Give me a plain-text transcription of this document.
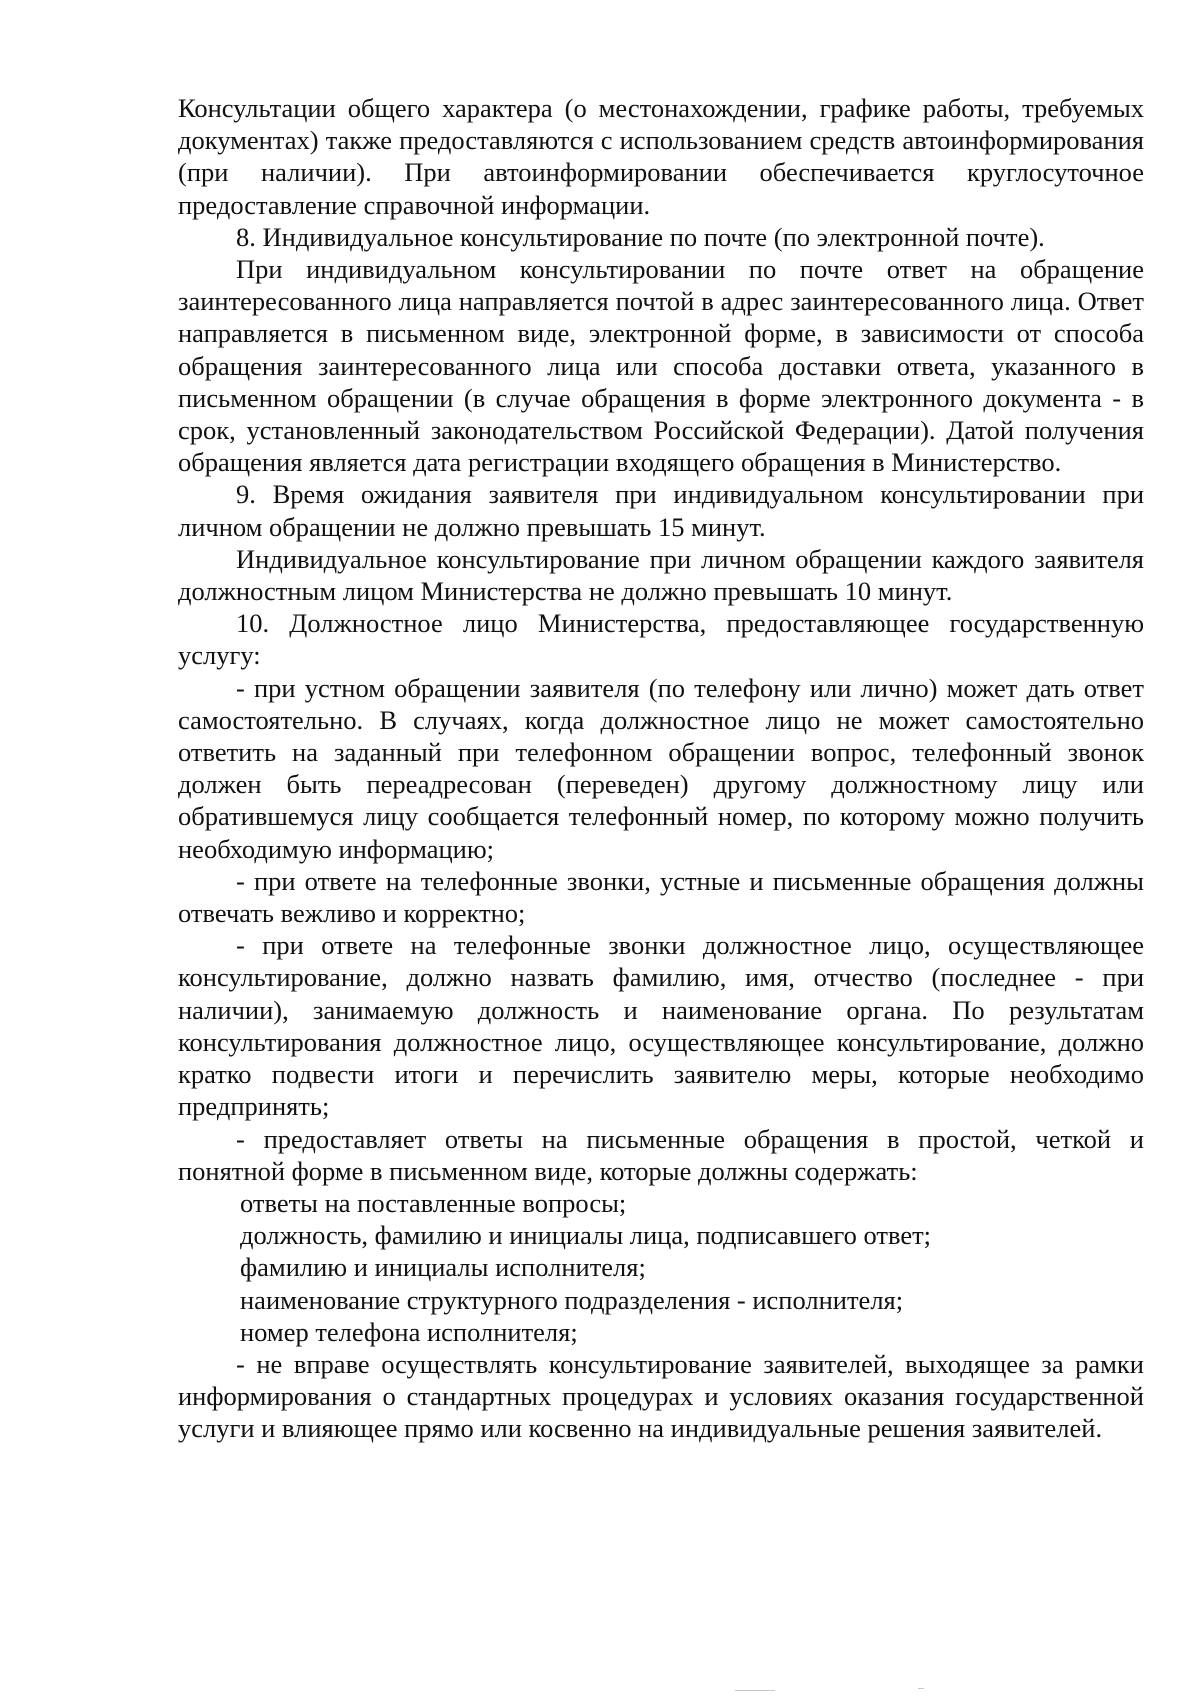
Консультации общего характера (о местонахождении, графике работы, требуемых документах) также предоставляются с использованием средств автоинформирования (при наличии). При автоинформировании обеспечивается круглосуточное предоставление справочной информации.

8. Индивидуальное консультирование по почте (по электронной почте).

При индивидуальном консультировании по почте ответ на обращение заинтересованного лица направляется почтой в адрес заинтересованного лица. Ответ направляется в письменном виде, электронной форме, в зависимости от способа обращения заинтересованного лица или способа доставки ответа, указанного в письменном обращении (в случае обращения в форме электронного документа - в срок, установленный законодательством Российской Федерации). Датой получения обращения является дата регистрации входящего обращения в Министерство.

9. Время ожидания заявителя при индивидуальном консультировании при личном обращении не должно превышать 15 минут.

Индивидуальное консультирование при личном обращении каждого заявителя должностным лицом Министерства не должно превышать 10 минут.

10. Должностное лицо Министерства, предоставляющее государственную услугу:

- при устном обращении заявителя (по телефону или лично) может дать ответ самостоятельно. В случаях, когда должностное лицо не может самостоятельно ответить на заданный при телефонном обращении вопрос, телефонный звонок должен быть переадресован (переведен) другому должностному лицу или обратившемуся лицу сообщается телефонный номер, по которому можно получить необходимую информацию;

- при ответе на телефонные звонки, устные и письменные обращения должны отвечать вежливо и корректно;

- при ответе на телефонные звонки должностное лицо, осуществляющее консультирование, должно назвать фамилию, имя, отчество (последнее - при наличии), занимаемую должность и наименование органа. По результатам консультирования должностное лицо, осуществляющее консультирование, должно кратко подвести итоги и перечислить заявителю меры, которые необходимо предпринять;

- предоставляет ответы на письменные обращения в простой, четкой и понятной форме в письменном виде, которые должны содержать:

ответы на поставленные вопросы;

должность, фамилию и инициалы лица, подписавшего ответ;

фамилию и инициалы исполнителя;

наименование структурного подразделения - исполнителя;

номер телефона исполнителя;

- не вправе осуществлять консультирование заявителей, выходящее за рамки информирования о стандартных процедурах и условиях оказания государственной услуги и влияющее прямо или косвенно на индивидуальные решения заявителей.
